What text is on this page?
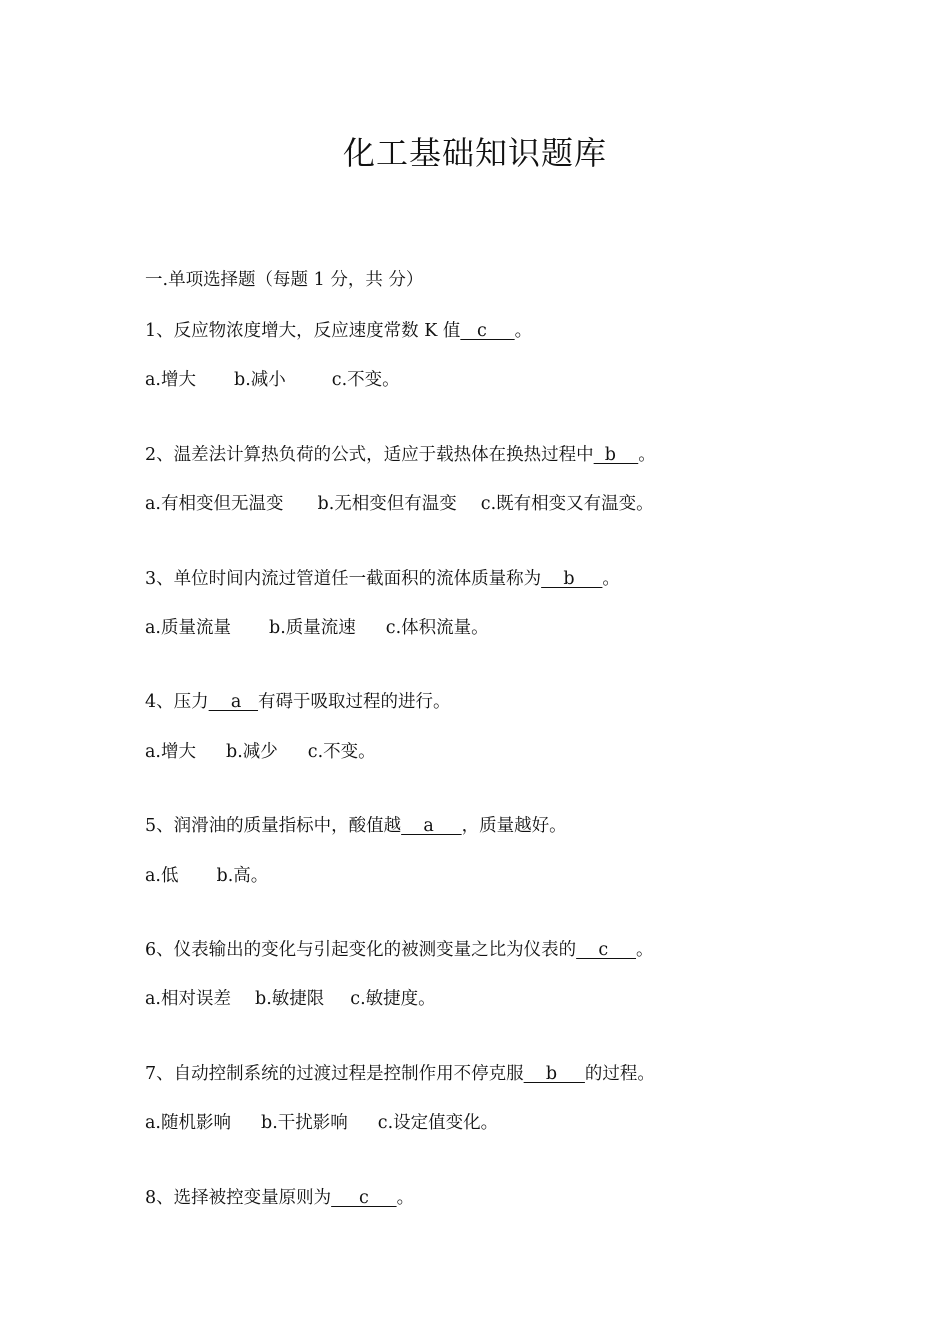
化工基础知识题库

一.单项选择题（每题 1 分，共 分）

1、反应物浓度增大，反应速度常数 K 值   c     。

a.增大 b.减小	c.不变。

2、温差法计算热负荷的公式，适应于载热体在换热过程中  b    。

a.有相变但无温变 b.无相变但有温变 c.既有相变又有温变。

3、单位时间内流过管道任一截面积的流体质量称为    b     。

a.质量流量 b.质量流速 c.体积流量。

4、压力    a   有碍于吸取过程的进行。

a.增大 b.减少 c.不变。

5、润滑油的质量指标中，酸值越    a     ，质量越好。

a.低 b.高。

6、仪表输出的变化与引起变化的被测变量之比为仪表的    c     。

a.相对误差 b.敏捷限 c.敏捷度。

7、自动控制系统的过渡过程是控制作用不停克服    b     的过程。

a.随机影响 b.干扰影响 c.设定值变化。

8、选择被控变量原则为     c     。
